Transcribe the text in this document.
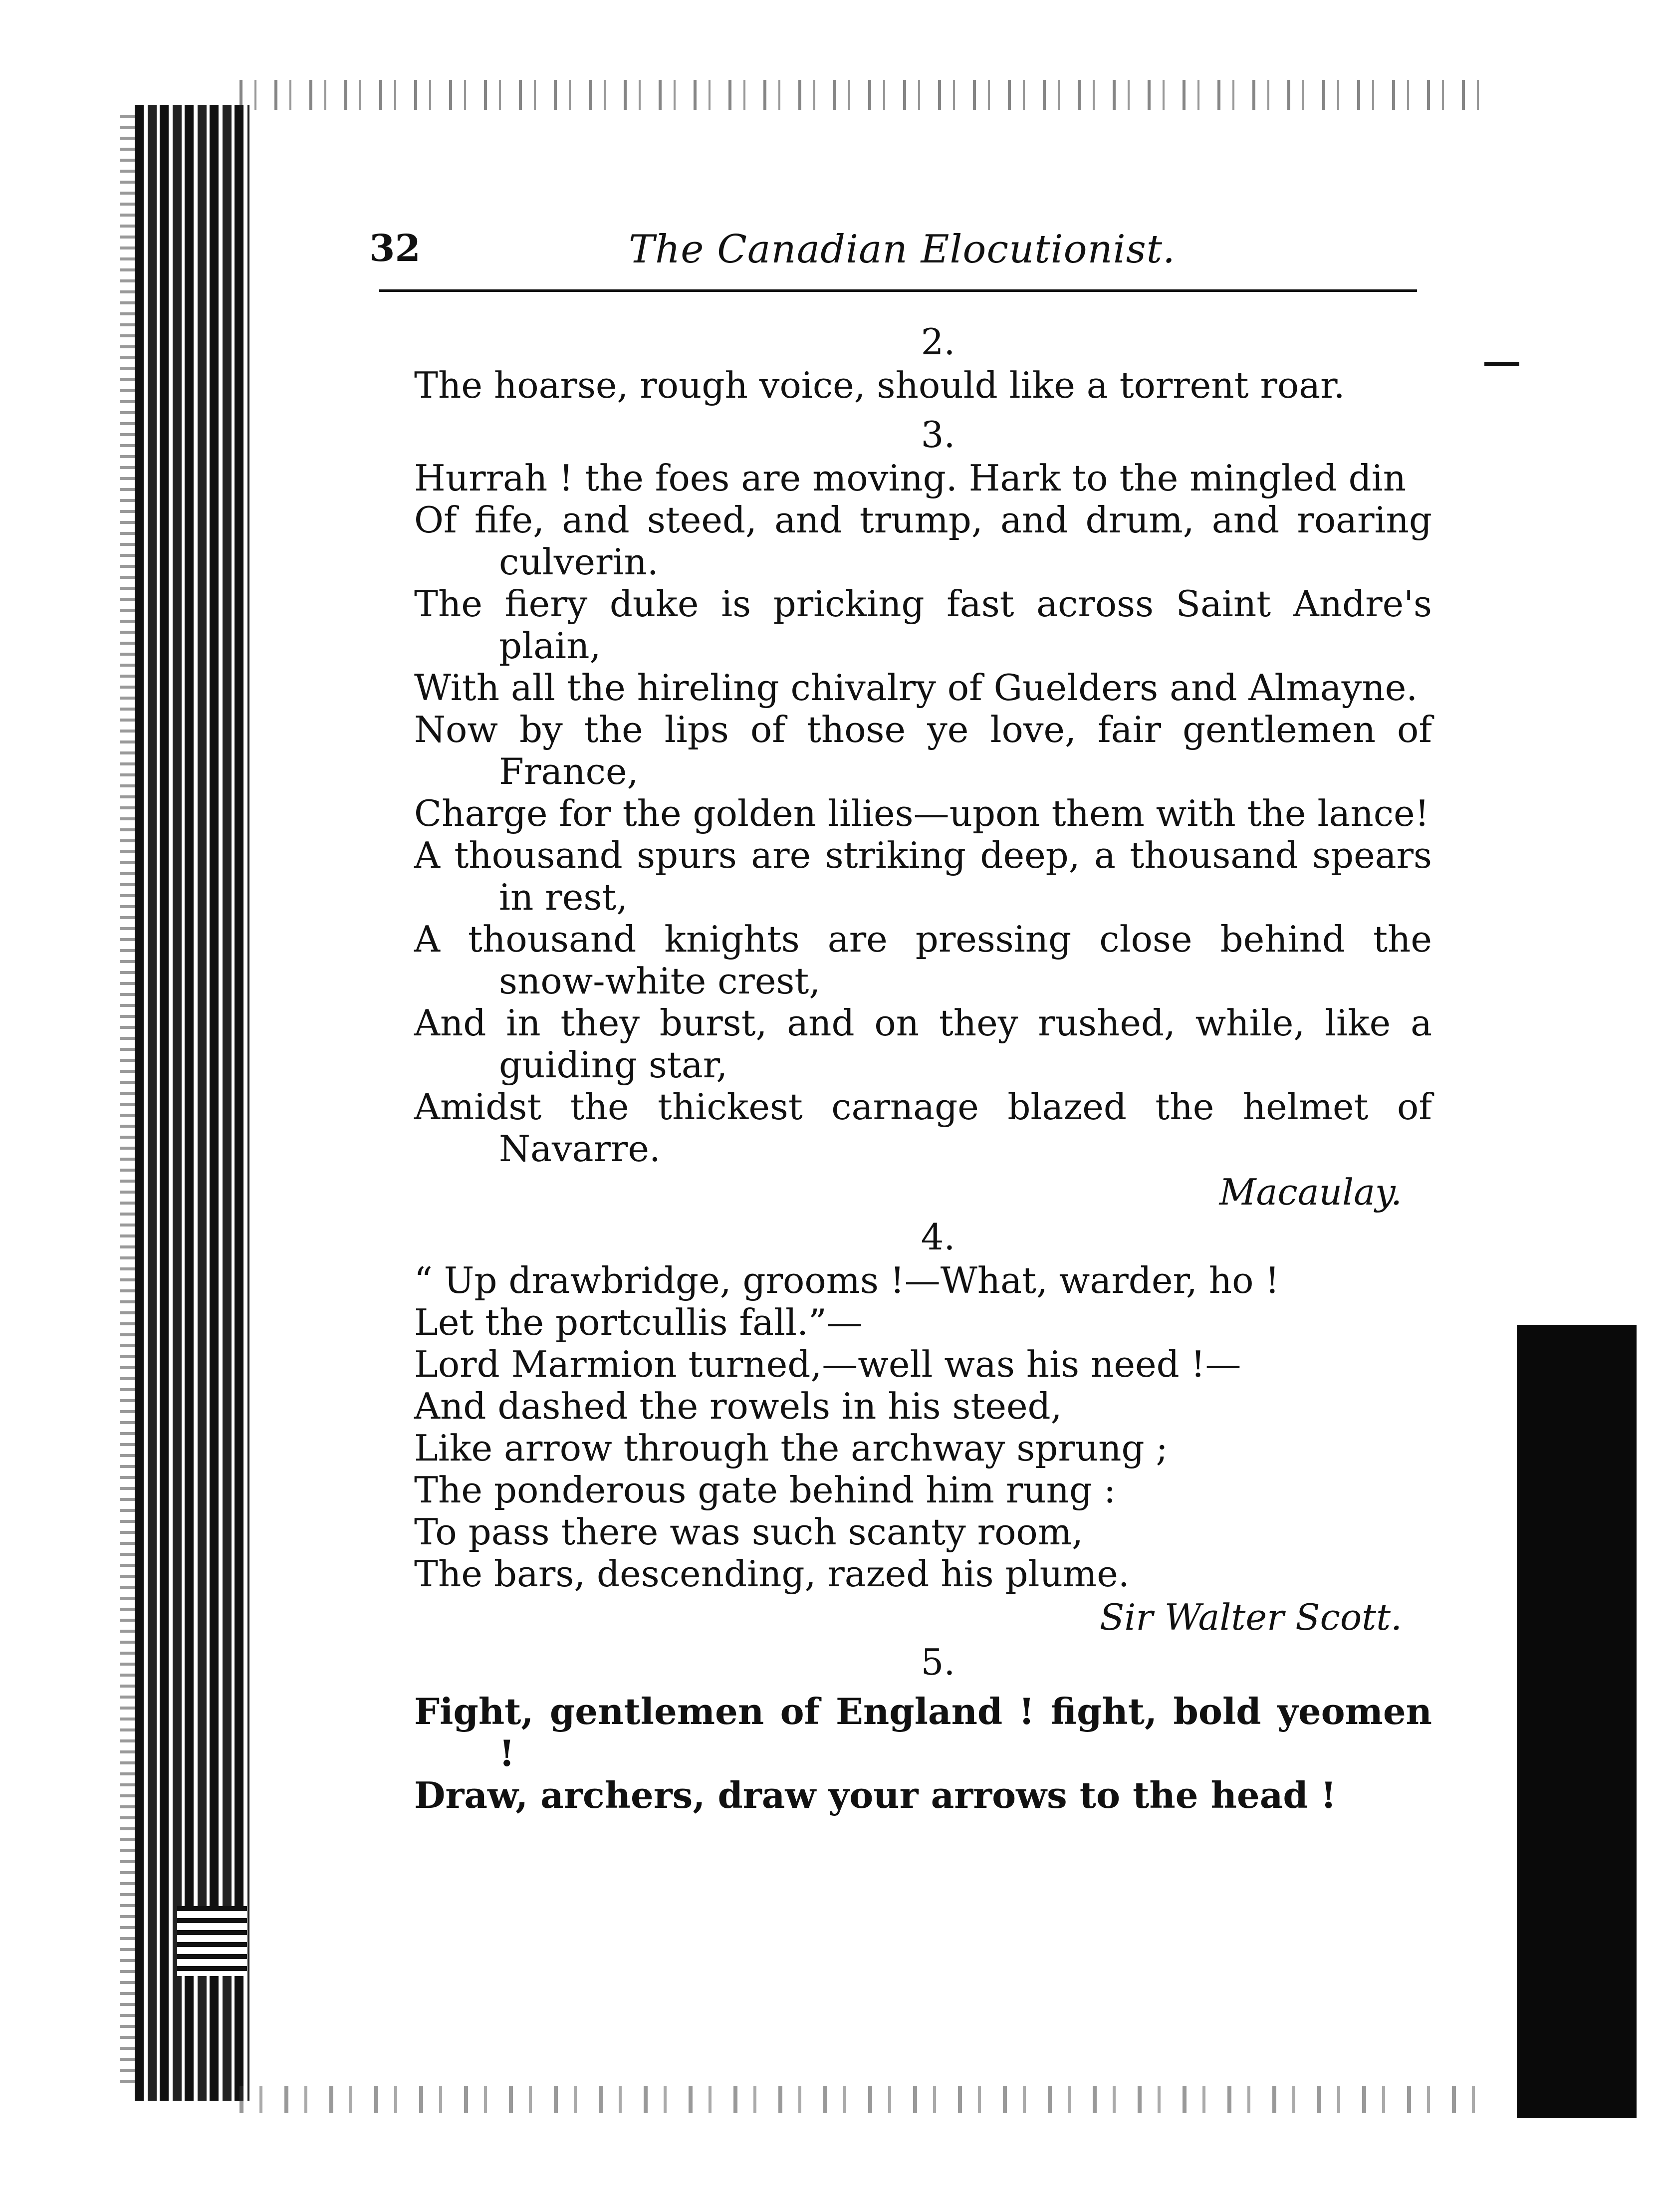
32	The Canadian Elocutionist.

2.

The hoarse, rough voice, should like a torrent roar.

3.

Hurrah ! the foes are moving. Hark to the mingled din

Of fife, and steed, and trump, and drum, and roaring culverin.

The fiery duke is pricking fast across Saint Andre's plain,

With all the hireling chivalry of Guelders and Almayne.

Now by the lips of those ye love, fair gentlemen of France,

Charge for the golden lilies—upon them with the lance!

A thousand spurs are striking deep, a thousand spears in rest,

A thousand knights are pressing close behind the snow-white crest,

And in they burst, and on they rushed, while, like a guiding star,

Amidst the thickest carnage blazed the helmet of Navarre.

Macaulay.

4.

“ Up drawbridge, grooms !—What, warder, ho !

Let the portcullis fall.”—

Lord Marmion turned,—well was his need !—

And dashed the rowels in his steed,

Like arrow through the archway sprung ;

The ponderous gate behind him rung :

To pass there was such scanty room,

The bars, descending, razed his plume.

Sir Walter Scott.

5.

Fight, gentlemen of England ! fight, bold yeomen !

Draw, archers, draw your arrows to the head !
